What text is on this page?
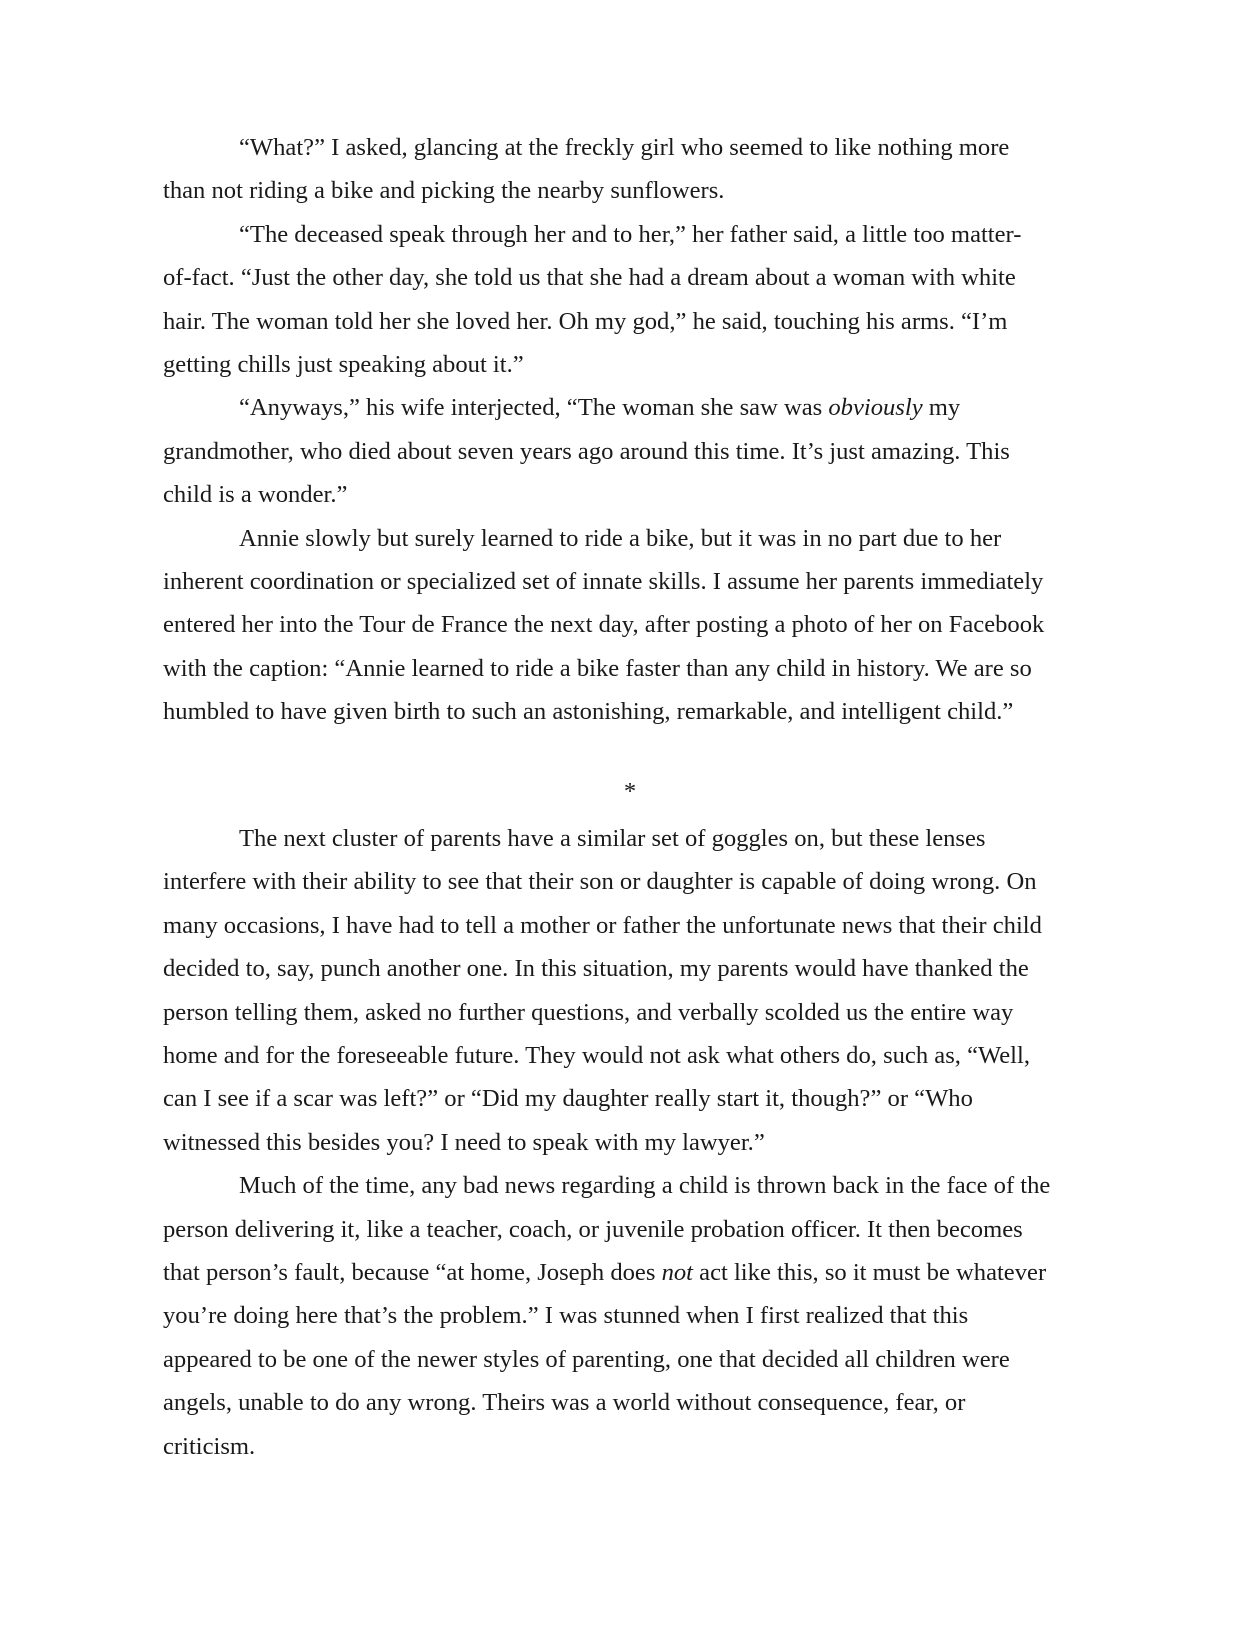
“What?” I asked, glancing at the freckly girl who seemed to like nothing more
than not riding a bike and picking the nearby sunflowers.
“The deceased speak through her and to her,” her father said, a little too matter-
of-fact. “Just the other day, she told us that she had a dream about a woman with white
hair. The woman told her she loved her. Oh my god,” he said, touching his arms. “I’m
getting chills just speaking about it.”
“Anyways,” his wife interjected, “The woman she saw was obviously my
grandmother, who died about seven years ago around this time. It’s just amazing. This
child is a wonder.”
Annie slowly but surely learned to ride a bike, but it was in no part due to her
inherent coordination or specialized set of innate skills. I assume her parents immediately
entered her into the Tour de France the next day, after posting a photo of her on Facebook
with the caption: “Annie learned to ride a bike faster than any child in history. We are so
humbled to have given birth to such an astonishing, remarkable, and intelligent child.”
*
The next cluster of parents have a similar set of goggles on, but these lenses
interfere with their ability to see that their son or daughter is capable of doing wrong. On
many occasions, I have had to tell a mother or father the unfortunate news that their child
decided to, say, punch another one. In this situation, my parents would have thanked the
person telling them, asked no further questions, and verbally scolded us the entire way
home and for the foreseeable future. They would not ask what others do, such as, “Well,
can I see if a scar was left?” or “Did my daughter really start it, though?” or “Who
witnessed this besides you? I need to speak with my lawyer.”
Much of the time, any bad news regarding a child is thrown back in the face of the
person delivering it, like a teacher, coach, or juvenile probation officer. It then becomes
that person’s fault, because “at home, Joseph does not act like this, so it must be whatever
you’re doing here that’s the problem.” I was stunned when I first realized that this
appeared to be one of the newer styles of parenting, one that decided all children were
angels, unable to do any wrong. Theirs was a world without consequence, fear, or
criticism.
